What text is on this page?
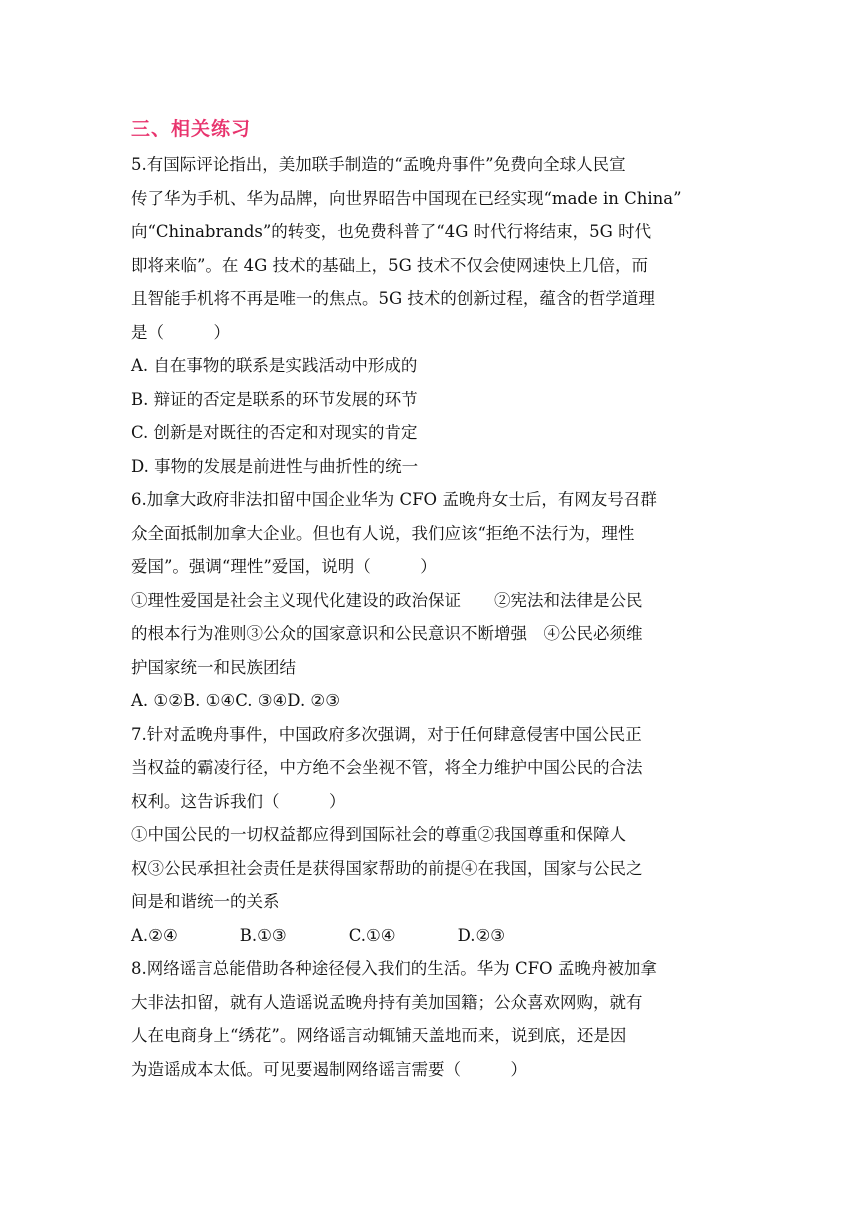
三、相关练习
5.有国际评论指出，美加联手制造的“孟晚舟事件”免费向全球人民宣
传了华为手机、华为品牌，向世界昭告中国现在已经实现“made in China”
向“Chinabrands”的转变，也免费科普了“4G 时代行将结束，5G 时代
即将来临”。在 4G 技术的基础上，5G 技术不仅会使网速快上几倍，而
且智能手机将不再是唯一的焦点。5G 技术的创新过程，蕴含的哲学道理
是（　　　）
A. 自在事物的联系是实践活动中形成的
B. 辩证的否定是联系的环节发展的环节
C. 创新是对既往的否定和对现实的肯定
D. 事物的发展是前进性与曲折性的统一
6.加拿大政府非法扣留中国企业华为 CFO 孟晚舟女士后，有网友号召群
众全面抵制加拿大企业。但也有人说，我们应该“拒绝不法行为，理性
爱国”。强调“理性”爱国，说明（　　　）
①理性爱国是社会主义现代化建设的政治保证　　②宪法和法律是公民
的根本行为准则③公众的国家意识和公民意识不断增强　④公民必须维
护国家统一和民族团结
A. ①②B. ①④C. ③④D. ②③
7.针对孟晚舟事件，中国政府多次强调，对于任何肆意侵害中国公民正
当权益的霸凌行径，中方绝不会坐视不管，将全力维护中国公民的合法
权利。这告诉我们（　　　）
①中国公民的一切权益都应得到国际社会的尊重②我国尊重和保障人
权③公民承担社会责任是获得国家帮助的前提④在我国，国家与公民之
间是和谐统一的关系
A.②④	B.①③	C.①④	D.②③
8.网络谣言总能借助各种途径侵入我们的生活。华为 CFO 孟晚舟被加拿
大非法扣留，就有人造谣说孟晚舟持有美加国籍；公众喜欢网购，就有
人在电商身上“绣花”。网络谣言动辄铺天盖地而来，说到底，还是因
为造谣成本太低。可见要遏制网络谣言需要（　　　）
